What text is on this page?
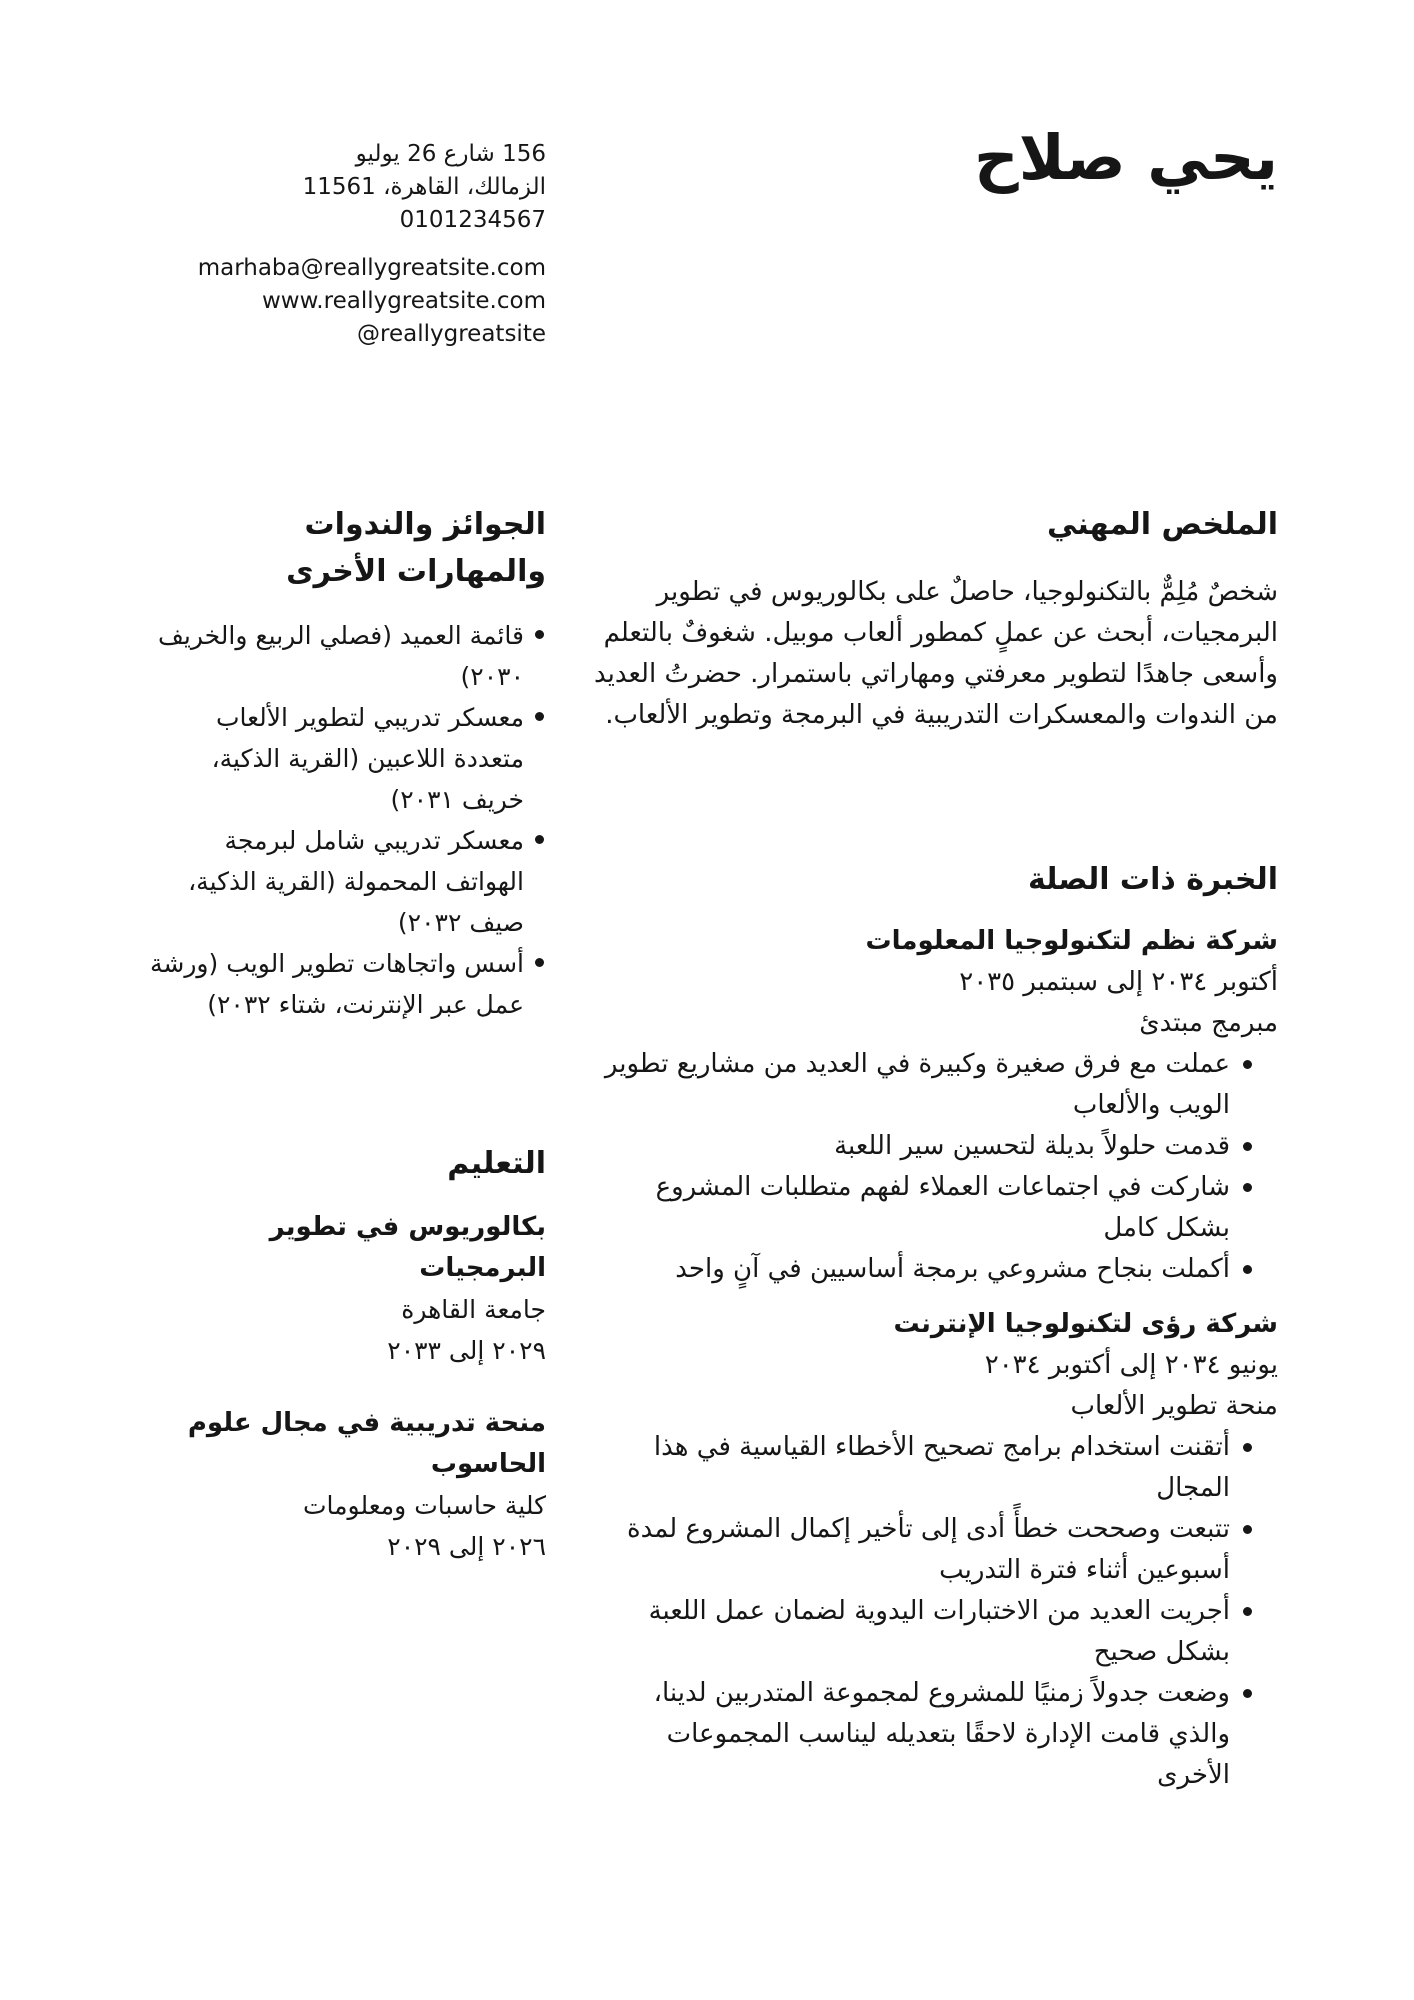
يحي صلاح
156 شارع 26 يوليو
الزمالك، القاهرة، 11561
0101234567
marhaba@reallygreatsite.com
www.reallygreatsite.com
@reallygreatsite
الملخص المهني

شخصٌ مُلِمٌّ بالتكنولوجيا، حاصلٌ على بكالوريوس في تطوير البرمجيات، أبحث عن عملٍ كمطور ألعاب موبيل. شغوفٌ بالتعلم وأسعى جاهدًا لتطوير معرفتي ومهاراتي باستمرار. حضرتُ العديد من الندوات والمعسكرات التدريبية في البرمجة وتطوير الألعاب.

الخبرة ذات الصلة
شركة نظم لتكنولوجيا المعلومات
أكتوبر ٢٠٣٤ إلى سبتمبر ٢٠٣٥
مبرمج مبتدئ
عملت مع فرق صغيرة وكبيرة في العديد من مشاريع تطوير الويب والألعاب
قدمت حلولاً بديلة لتحسين سير اللعبة
شاركت في اجتماعات العملاء لفهم متطلبات المشروع بشكل كامل
أكملت بنجاح مشروعي برمجة أساسيين في آنٍ واحد
شركة رؤى لتكنولوجيا الإنترنت
يونيو ٢٠٣٤ إلى أكتوبر ٢٠٣٤
منحة تطوير الألعاب
أتقنت استخدام برامج تصحيح الأخطاء القياسية في هذا المجال
تتبعت وصححت خطأً أدى إلى تأخير إكمال المشروع لمدة أسبوعين أثناء فترة التدريب
أجريت العديد من الاختبارات اليدوية لضمان عمل اللعبة بشكل صحيح
وضعت جدولاً زمنيًا للمشروع لمجموعة المتدربين لدينا، والذي قامت الإدارة لاحقًا بتعديله ليناسب المجموعات الأخرى
الجوائز والندوات والمهارات الأخرى
قائمة العميد (فصلي الربيع والخريف ٢٠٣٠)
معسكر تدريبي لتطوير الألعاب متعددة اللاعبين (القرية الذكية، خريف ٢٠٣١)
معسكر تدريبي شامل لبرمجة الهواتف المحمولة (القرية الذكية، صيف ٢٠٣٢)
أسس واتجاهات تطوير الويب (ورشة عمل عبر الإنترنت، شتاء ٢٠٣٢)
التعليم
بكالوريوس في تطوير البرمجيات
جامعة القاهرة
٢٠٢٩ إلى ٢٠٣٣
منحة تدريبية في مجال علوم الحاسوب
كلية حاسبات ومعلومات
٢٠٢٦ إلى ٢٠٢٩
